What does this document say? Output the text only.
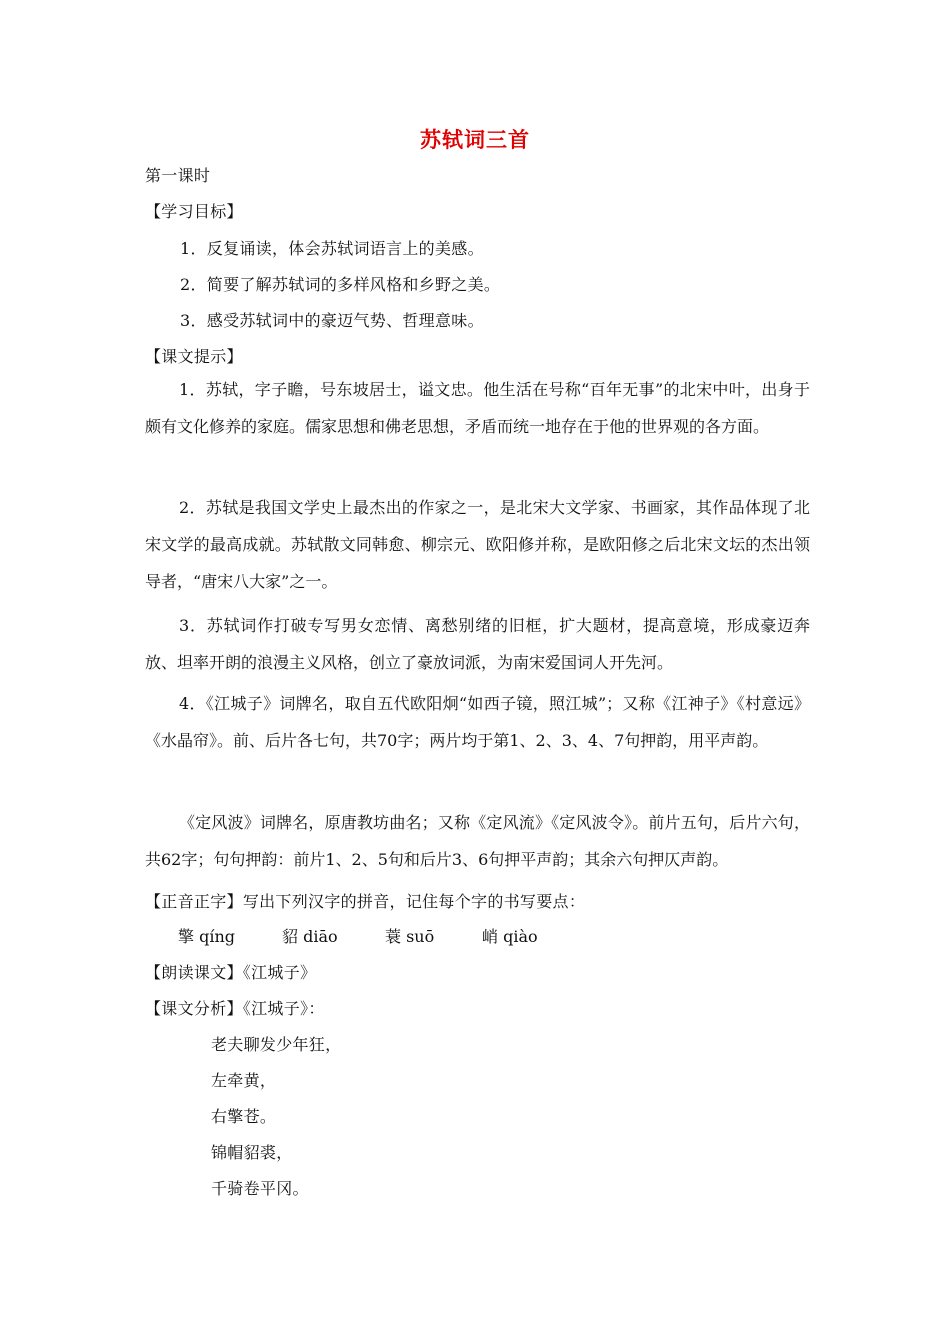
苏轼词三首
第一课时
【学习目标】
1．反复诵读，体会苏轼词语言上的美感。
2．简要了解苏轼词的多样风格和乡野之美。
3．感受苏轼词中的豪迈气势、哲理意味。
【课文提示】
1．苏轼，字子瞻，号东坡居士，谥文忠。他生活在号称“百年无事”的北宋中叶，出身于颇有文化修养的家庭。儒家思想和佛老思想，矛盾而统一地存在于他的世界观的各方面。
2．苏轼是我国文学史上最杰出的作家之一，是北宋大文学家、书画家，其作品体现了北宋文学的最高成就。苏轼散文同韩愈、柳宗元、欧阳修并称，是欧阳修之后北宋文坛的杰出领导者，“唐宋八大家”之一。
3．苏轼词作打破专写男女恋情、离愁别绪的旧框，扩大题材，提高意境，形成豪迈奔放、坦率开朗的浪漫主义风格，创立了豪放词派，为南宋爱国词人开先河。
4．《江城子》词牌名，取自五代欧阳炯“如西子镜，照江城”；又称《江神子》《村意远》《水晶帘》。前、后片各七句，共70字；两片均于第1、2、3、4、7句押韵，用平声韵。
《定风波》词牌名，原唐教坊曲名；又称《定风流》《定风波令》。前片五句，后片六句，共62字；句句押韵：前片1、2、5句和后片3、6句押平声韵；其余六句押仄声韵。
【正音正字】写出下列汉字的拼音，记住每个字的书写要点：
擎 qíng	貂 diāo	蓑 suō	峭 qiào
【朗读课文】《江城子》
【课文分析】《江城子》：
老夫聊发少年狂，
左牵黄，
右擎苍。
锦帽貂裘，
千骑卷平冈。
